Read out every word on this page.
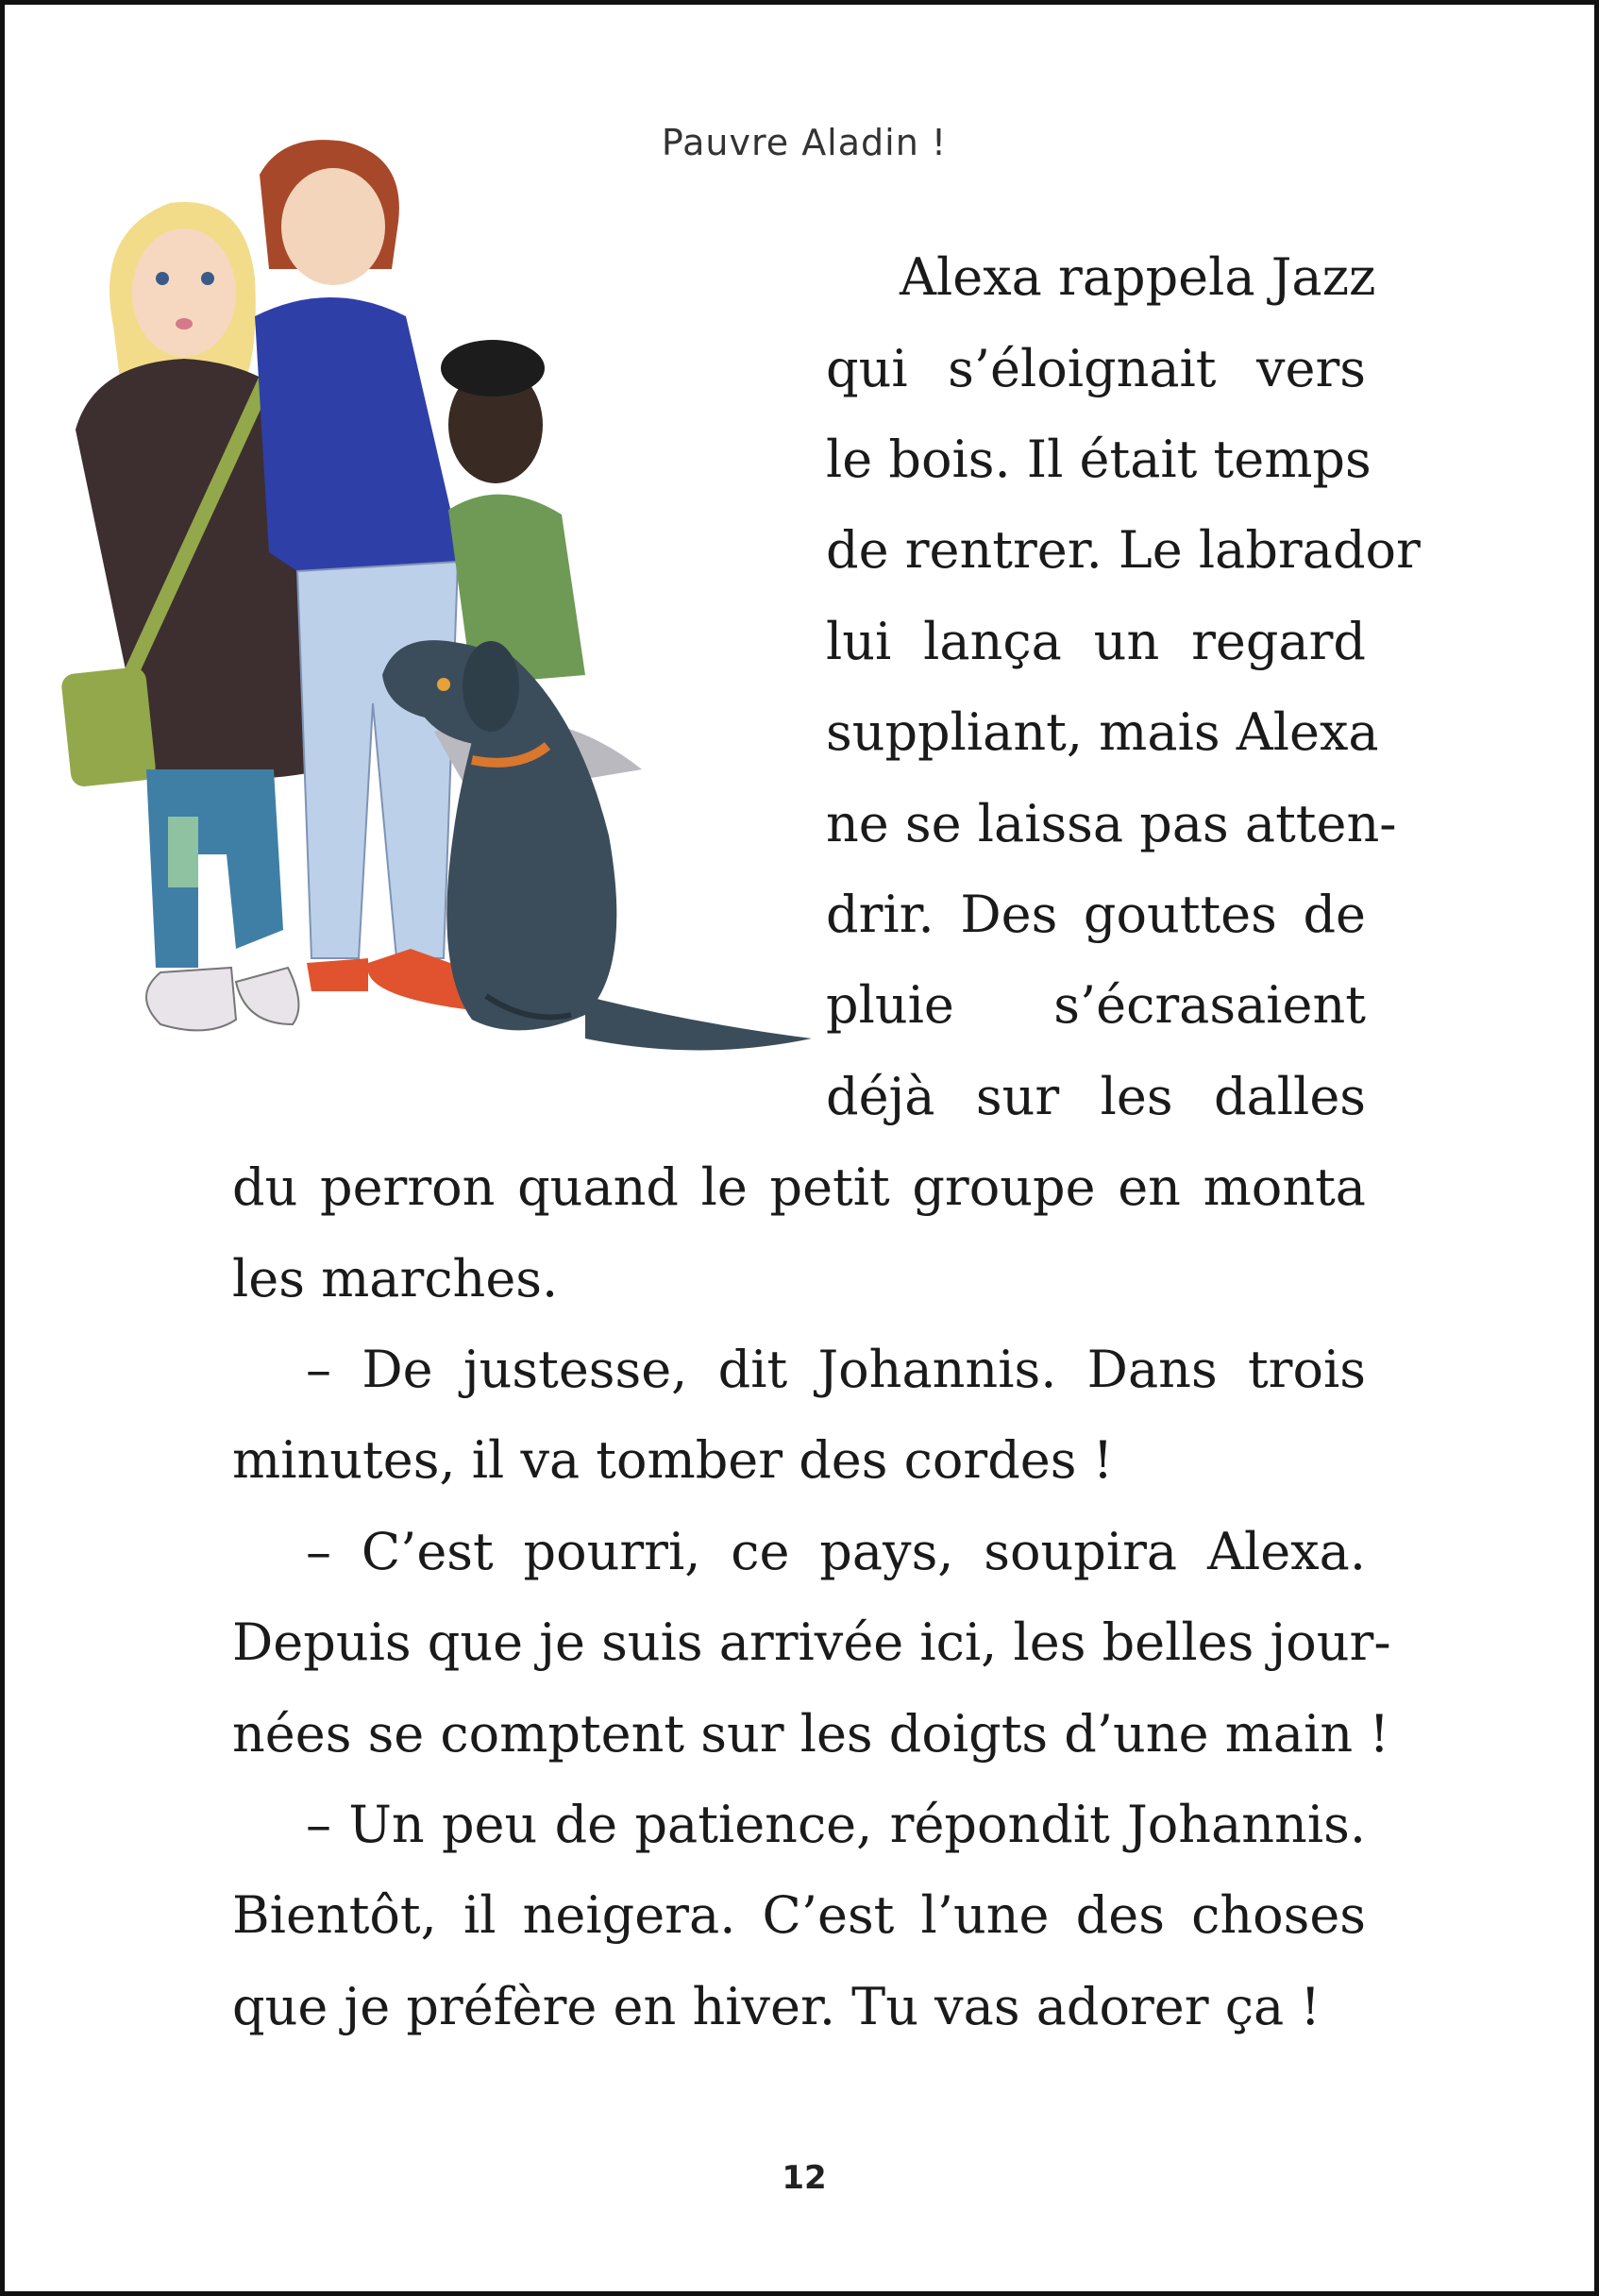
Pauvre Aladin !
Alexa rappela Jazz
qui s’éloignait vers
le bois. Il était temps
de rentrer. Le labrador
lui lança un regard
suppliant, mais Alexa
ne se laissa pas atten-
drir. Des gouttes de
pluie s’écrasaient
déjà sur les dalles
du perron quand le petit groupe en monta
les marches.
– De justesse, dit Johannis. Dans trois
minutes, il va tomber des cordes !
– C’est pourri, ce pays, soupira Alexa.
Depuis que je suis arrivée ici, les belles jour-
nées se comptent sur les doigts d’une main !
– Un peu de patience, répondit Johannis.
Bientôt, il neigera. C’est l’une des choses
que je préfère en hiver. Tu vas adorer ça !
12
